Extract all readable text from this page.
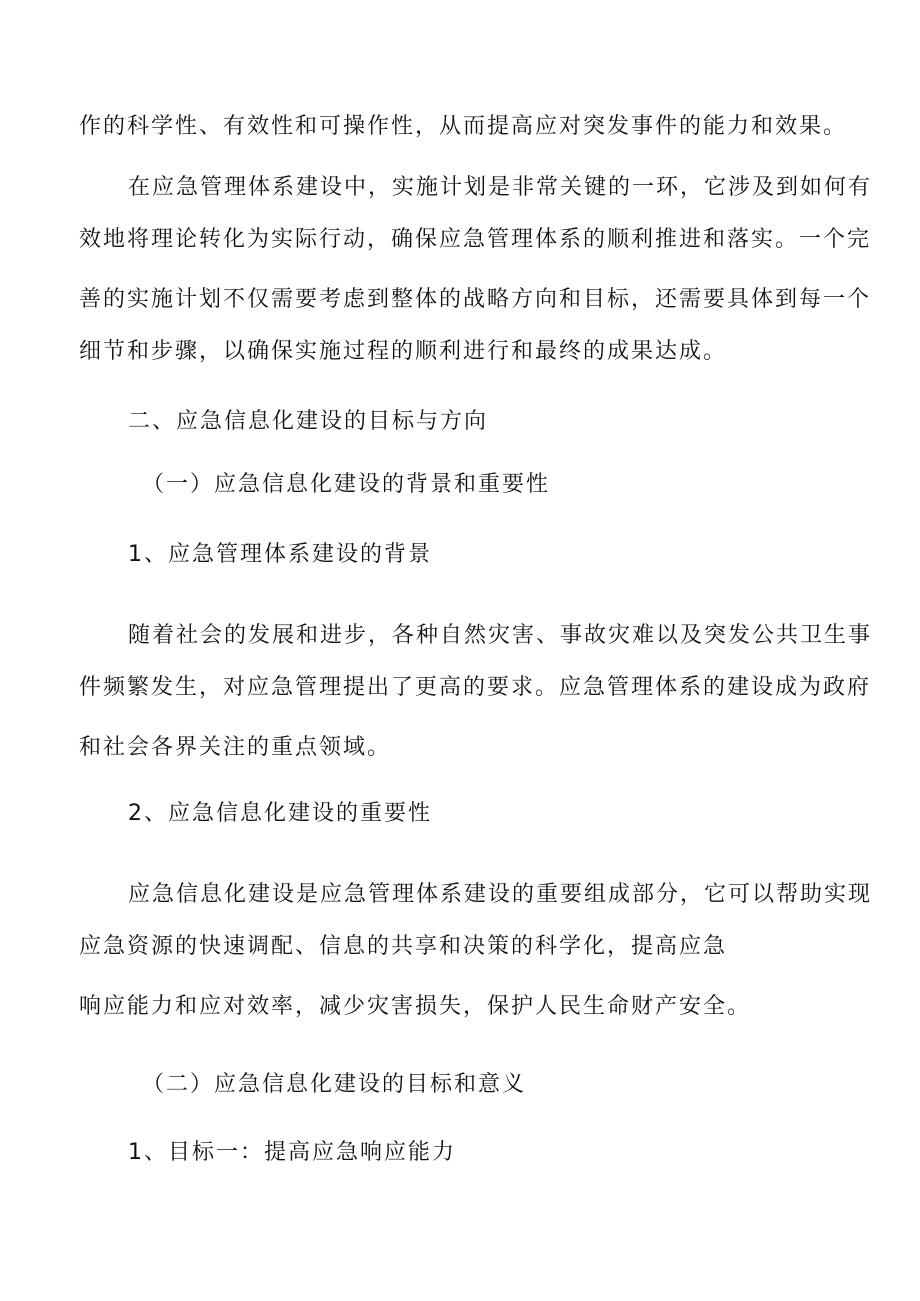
作的科学性、有效性和可操作性，从而提高应对突发事件的能力和效果。
在应急管理体系建设中，实施计划是非常关键的一环，它涉及到如何有
效地将理论转化为实际行动，确保应急管理体系的顺利推进和落实。一个完
善的实施计划不仅需要考虑到整体的战略方向和目标，还需要具体到每一个
细节和步骤，以确保实施过程的顺利进行和最终的成果达成。
二、应急信息化建设的目标与方向
（一）应急信息化建设的背景和重要性
1、应急管理体系建设的背景
随着社会的发展和进步，各种自然灾害、事故灾难以及突发公共卫生事
件频繁发生，对应急管理提出了更高的要求。应急管理体系的建设成为政府
和社会各界关注的重点领域。
2、应急信息化建设的重要性
应急信息化建设是应急管理体系建设的重要组成部分，它可以帮助实现
应急资源的快速调配、信息的共享和决策的科学化，提高应急
响应能力和应对效率，减少灾害损失，保护人民生命财产安全。
（二）应急信息化建设的目标和意义
1、目标一：提高应急响应能力
